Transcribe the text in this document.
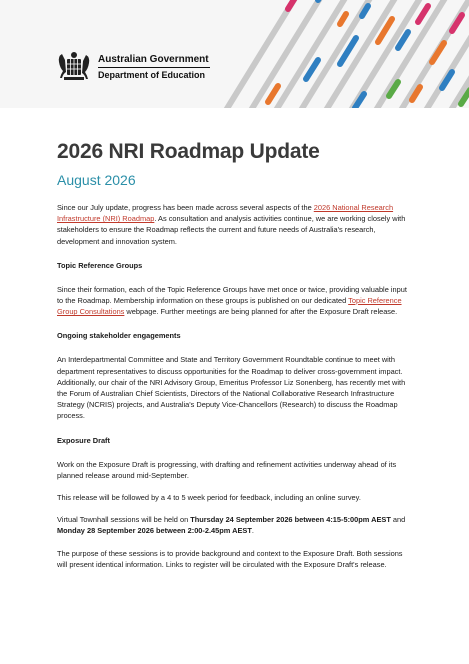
Australian Government
Department of Education
2026 NRI Roadmap Update
August 2026

Since our July update, progress has been made across several aspects of the 2026 National Research Infrastructure (NRI) Roadmap. As consultation and analysis activities continue, we are working closely with stakeholders to ensure the Roadmap reflects the current and future needs of Australia's research, development and innovation system.

Topic Reference Groups

Since their formation, each of the Topic Reference Groups have met once or twice, providing valuable input to the Roadmap. Membership information on these groups is published on our dedicated Topic Reference Group Consultations webpage. Further meetings are being planned for after the Exposure Draft release.

Ongoing stakeholder engagements

An Interdepartmental Committee and State and Territory Government Roundtable continue to meet with department representatives to discuss opportunities for the Roadmap to deliver cross-government impact. Additionally, our chair of the NRI Advisory Group, Emeritus Professor Liz Sonenberg, has recently met with the Forum of Australian Chief Scientists, Directors of the National Collaborative Research Infrastructure Strategy (NCRIS) projects, and Australia's Deputy Vice-Chancellors (Research) to discuss the Roadmap process.

Exposure Draft

Work on the Exposure Draft is progressing, with drafting and refinement activities underway ahead of its planned release around mid-September.

This release will be followed by a 4 to 5 week period for feedback, including an online survey.

Virtual Townhall sessions will be held on Thursday 24 September 2026 between 4:15-5:00pm AEST and Monday 28 September 2026 between 2:00-2.45pm AEST.

The purpose of these sessions is to provide background and context to the Exposure Draft. Both sessions will present identical information. Links to register will be circulated with the Exposure Draft's release.
